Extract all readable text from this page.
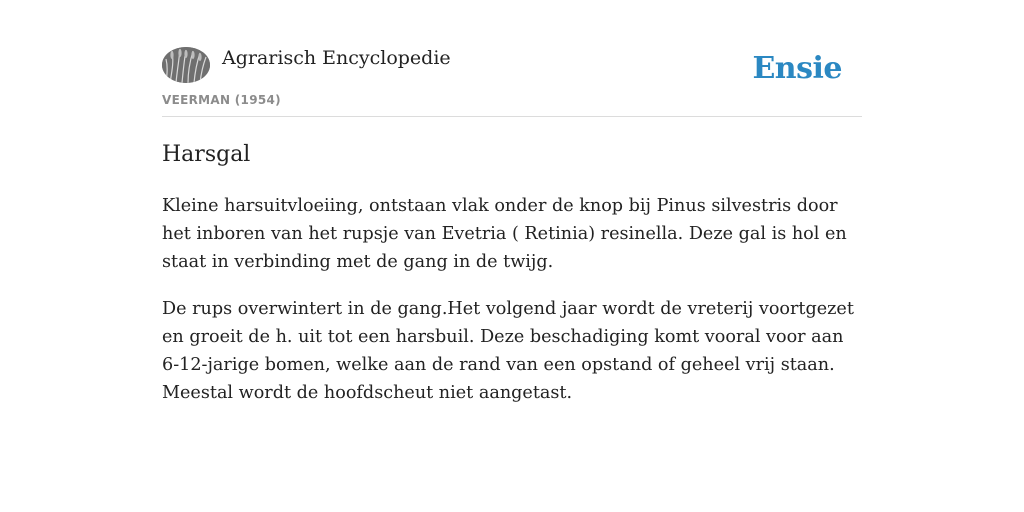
Agrarisch Encyclopedie
VEERMAN (1954)
Ensie
Harsgal

Kleine harsuitvloeiing, ontstaan vlak onder de knop bij Pinus silvestris door het inboren van het rupsje van Evetria ( Retinia) resinella. Deze gal is hol en staat in verbinding met de gang in de twijg.

De rups overwintert in de gang.Het volgend jaar wordt de vreterij voortgezet en groeit de h. uit tot een harsbuil. Deze beschadiging komt vooral voor aan 6-12-jarige bomen, welke aan de rand van een opstand of geheel vrij staan. Meestal wordt de hoofdscheut niet aangetast.
